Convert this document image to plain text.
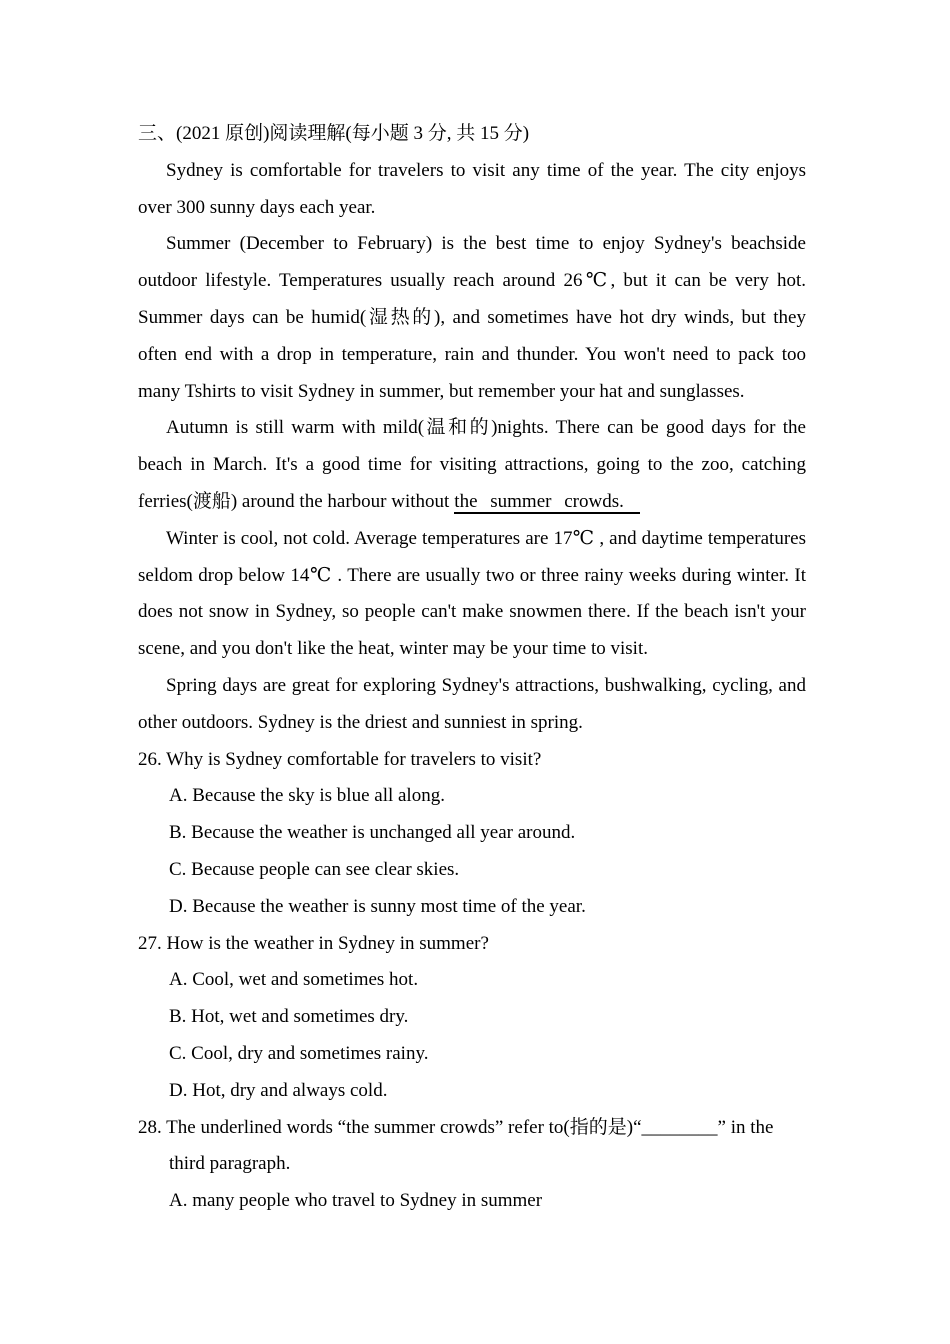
三、(2021 原创)阅读理解(每小题 3 分, 共 15 分)

Sydney is comfortable for travelers to visit any time of the year. The city enjoys over 300 sunny days each year.

Summer (December to February) is the best time to enjoy Sydney's beachside outdoor lifestyle. Temperatures usually reach around 26℃, but it can be very hot. Summer days can be humid(湿热的), and sometimes have hot dry winds, but they often end with a drop in temperature, rain and thunder. You won't need to pack too many Tshirts to visit Sydney in summer, but remember your hat and sunglasses.

Autumn is still warm with mild(温和的)nights. There can be good days for the beach in March. It's a good time for visiting attractions, going to the zoo, catching ferries(渡船) around the harbour without the summer crowds.

Winter is cool, not cold. Average temperatures are 17℃ , and daytime temperatures seldom drop below 14℃ . There are usually two or three rainy weeks during winter. It does not snow in Sydney, so people can't make snowmen there. If the beach isn't your scene, and you don't like the heat, winter may be your time to visit.

Spring days are great for exploring Sydney's attractions, bushwalking, cycling, and other outdoors. Sydney is the driest and sunniest in spring.

26. Why is Sydney comfortable for travelers to visit?
A. Because the sky is blue all along.
B. Because the weather is unchanged all year around.
C. Because people can see clear skies.
D. Because the weather is sunny most time of the year.
27. How is the weather in Sydney in summer?
A. Cool, wet and sometimes hot.
B. Hot, wet and sometimes dry.
C. Cool, dry and sometimes rainy.
D. Hot, dry and always cold.
28. The underlined words “the summer crowds” refer to(指的是)“________” in the third paragraph.
A. many people who travel to Sydney in summer
